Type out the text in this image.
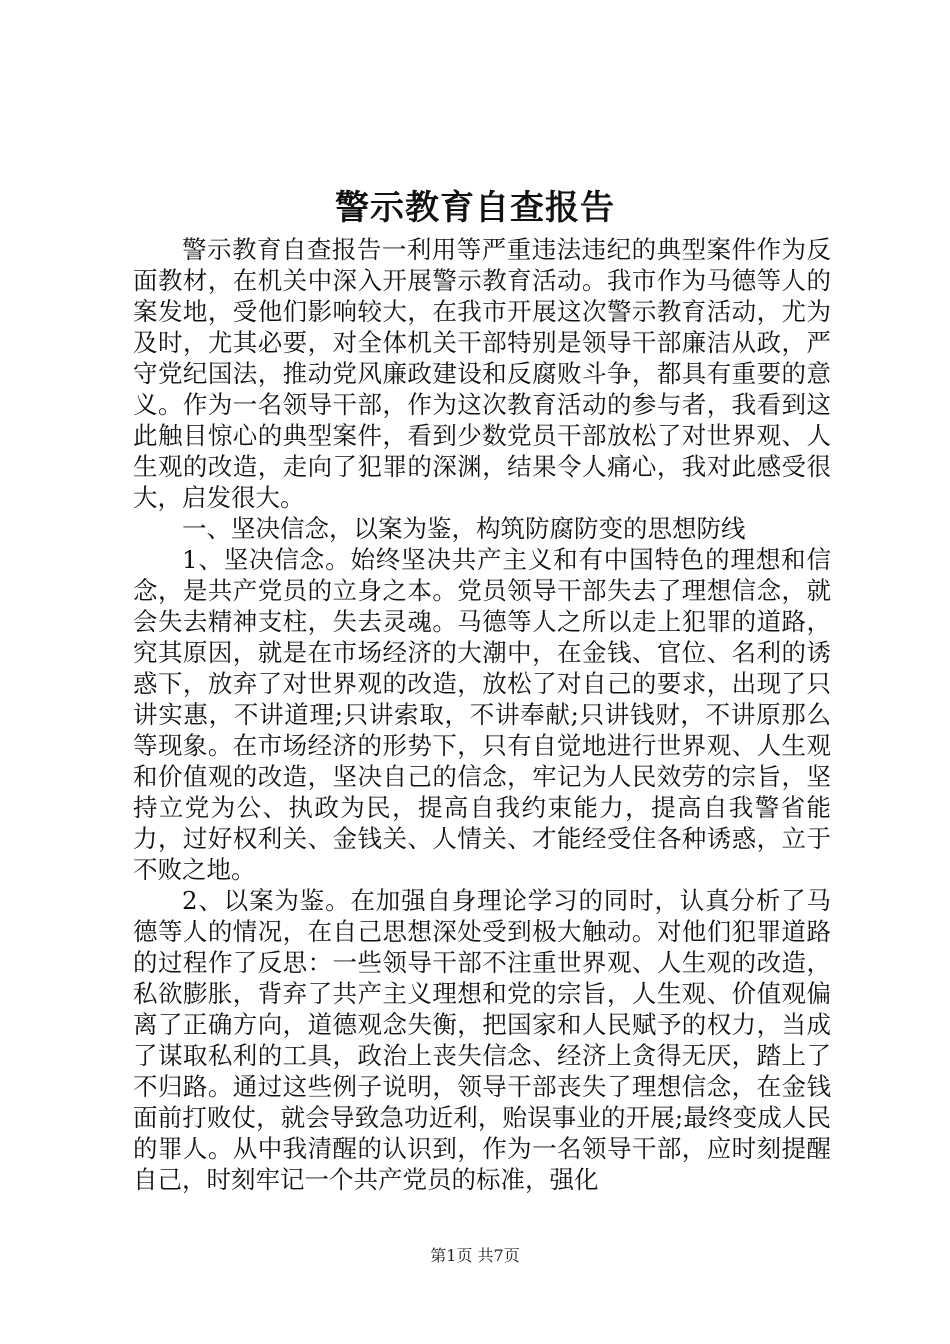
警示教育自查报告

警示教育自查报告一利用等严重违法违纪的典型案件作为反面教材，在机关中深入开展警示教育活动。我市作为马德等人的案发地，受他们影响较大，在我市开展这次警示教育活动，尤为及时，尤其必要，对全体机关干部特别是领导干部廉洁从政，严守党纪国法，推动党风廉政建设和反腐败斗争，都具有重要的意义。作为一名领导干部，作为这次教育活动的参与者，我看到这此触目惊心的典型案件，看到少数党员干部放松了对世界观、人生观的改造，走向了犯罪的深渊，结果令人痛心，我对此感受很大，启发很大。

一、坚决信念，以案为鉴，构筑防腐防变的思想防线

1、坚决信念。始终坚决共产主义和有中国特色的理想和信念，是共产党员的立身之本。党员领导干部失去了理想信念，就会失去精神支柱，失去灵魂。马德等人之所以走上犯罪的道路，究其原因，就是在市场经济的大潮中，在金钱、官位、名利的诱惑下，放弃了对世界观的改造，放松了对自己的要求，出现了只讲实惠，不讲道理;只讲索取，不讲奉献;只讲钱财，不讲原那么等现象。在市场经济的形势下，只有自觉地进行世界观、人生观和价值观的改造，坚决自己的信念，牢记为人民效劳的宗旨，坚持立党为公、执政为民，提高自我约束能力，提高自我警省能力，过好权利关、金钱关、人情关、才能经受住各种诱惑，立于不败之地。

2、以案为鉴。在加强自身理论学习的同时，认真分析了马德等人的情况，在自己思想深处受到极大触动。对他们犯罪道路的过程作了反思：一些领导干部不注重世界观、人生观的改造，私欲膨胀，背弃了共产主义理想和党的宗旨，人生观、价值观偏离了正确方向，道德观念失衡，把国家和人民赋予的权力，当成了谋取私利的工具，政治上丧失信念、经济上贪得无厌，踏上了不归路。通过这些例子说明，领导干部丧失了理想信念，在金钱面前打败仗，就会导致急功近利，贻误事业的开展;最终变成人民的罪人。从中我清醒的认识到，作为一名领导干部，应时刻提醒自己，时刻牢记一个共产党员的标准，强化

第1页 共7页
